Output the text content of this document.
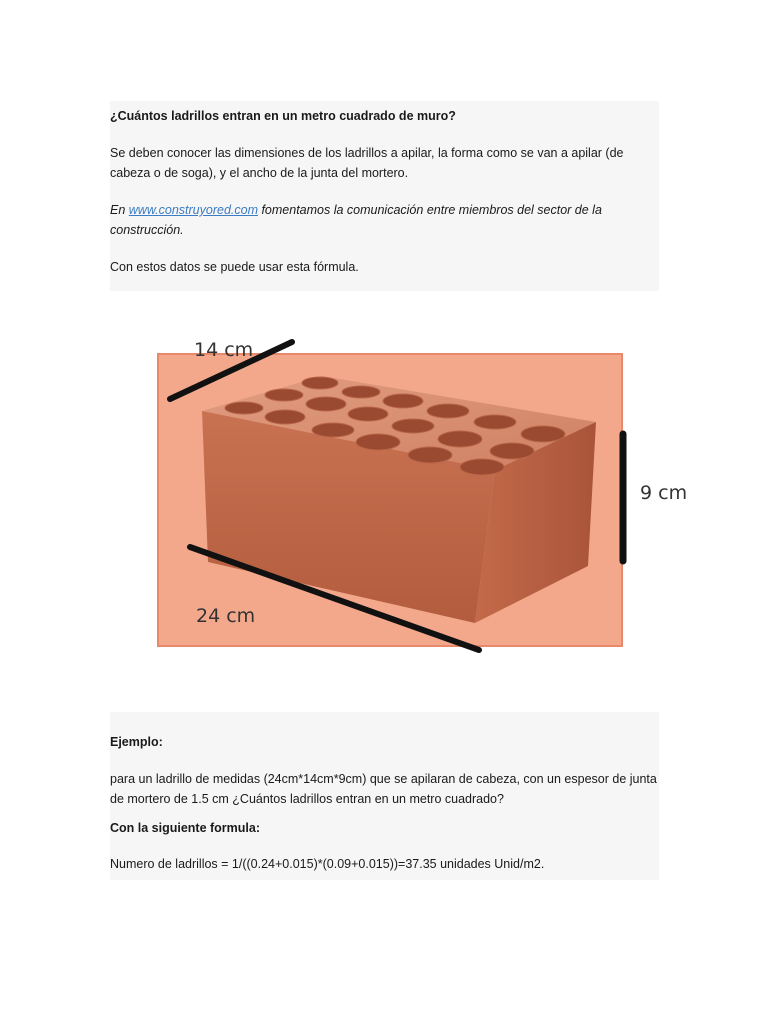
¿Cuántos ladrillos entran en un metro cuadrado de muro?

Se deben conocer las dimensiones de los ladrillos a apilar, la forma como se van a apilar (de cabeza o de soga), y el ancho de la junta del mortero.

En www.construyored.com fomentamos la comunicación entre miembros del sector de la construcción.

Con estos datos se puede usar esta fórmula.

14 cm
9 cm
24 cm

Ejemplo:

para un ladrillo de medidas (24cm*14cm*9cm) que se apilaran de cabeza, con un espesor de junta de mortero de 1.5 cm ¿Cuántos ladrillos entran en un metro cuadrado?

Con la siguiente formula:

Numero de ladrillos = 1/((0.24+0.015)*(0.09+0.015))=37.35 unidades Unid/m2.
